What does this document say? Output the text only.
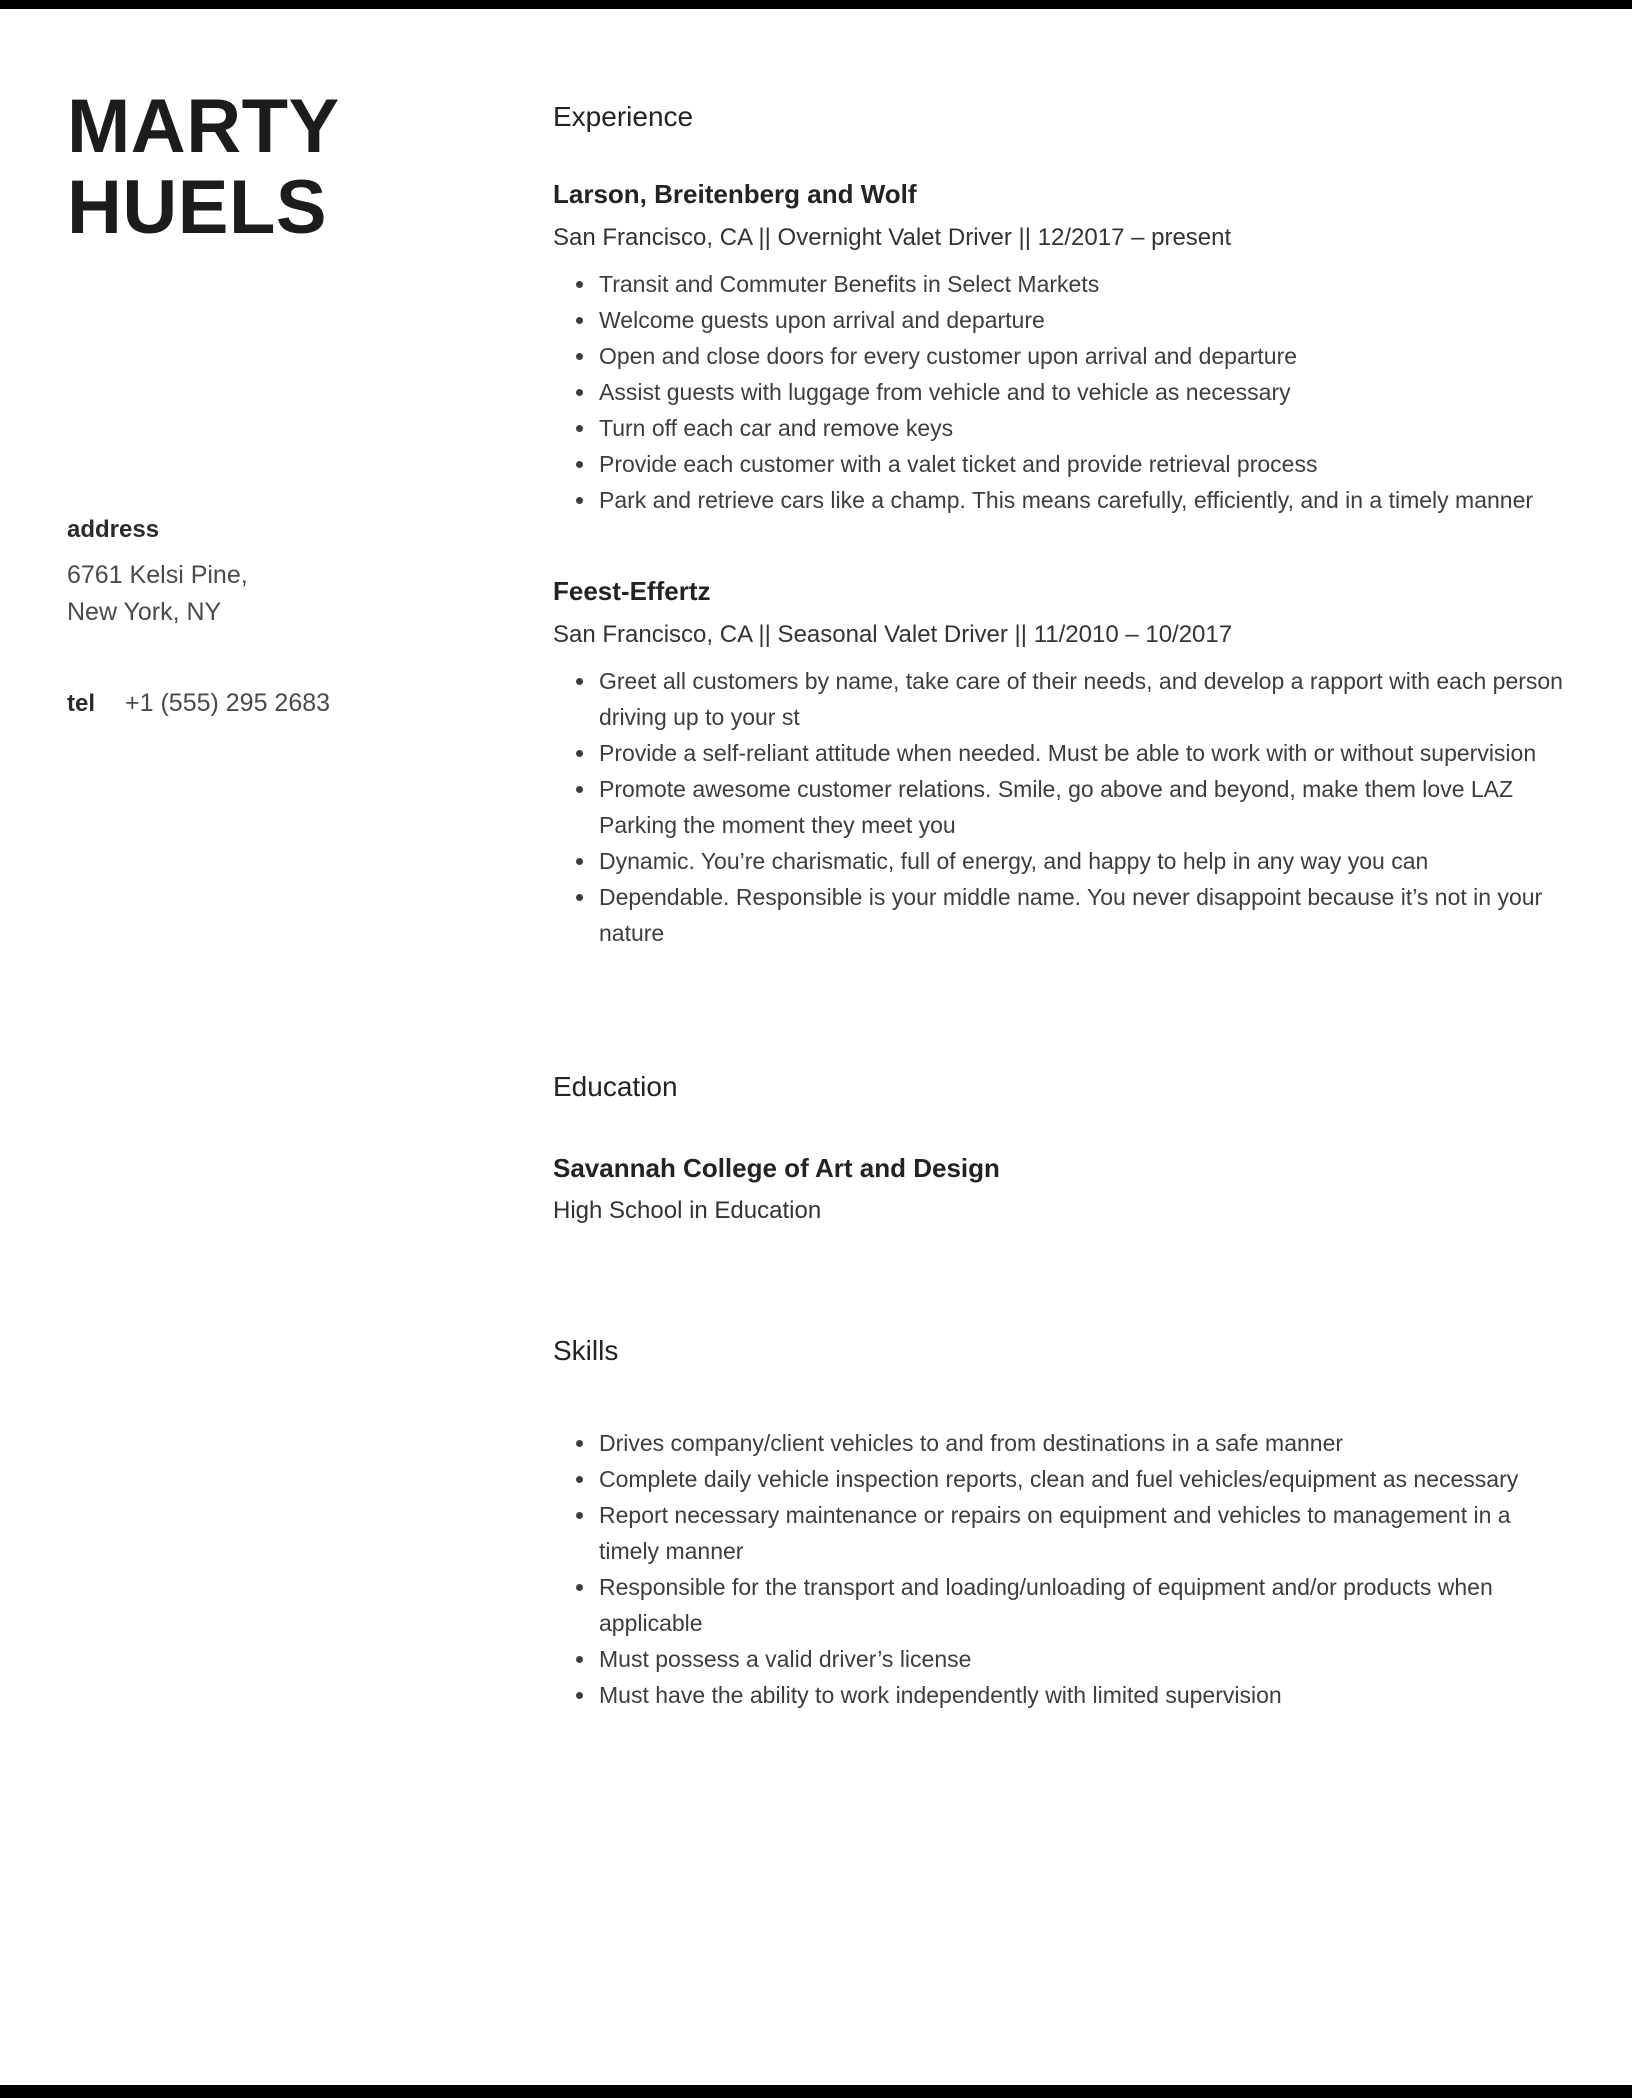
MARTY
HUELS
address
6761 Kelsi Pine,
New York, NY
tel +1 (555) 295 2683
Experience
Larson, Breitenberg and Wolf
San Francisco, CA || Overnight Valet Driver || 12/2017 – present
• Transit and Commuter Benefits in Select Markets
• Welcome guests upon arrival and departure
• Open and close doors for every customer upon arrival and departure
• Assist guests with luggage from vehicle and to vehicle as necessary
• Turn off each car and remove keys
• Provide each customer with a valet ticket and provide retrieval process
• Park and retrieve cars like a champ. This means carefully, efficiently, and in a timely manner
Feest-Effertz
San Francisco, CA || Seasonal Valet Driver || 11/2010 – 10/2017
• Greet all customers by name, take care of their needs, and develop a rapport with each person driving up to your st
• Provide a self-reliant attitude when needed. Must be able to work with or without supervision
• Promote awesome customer relations. Smile, go above and beyond, make them love LAZ Parking the moment they meet you
• Dynamic. You’re charismatic, full of energy, and happy to help in any way you can
• Dependable. Responsible is your middle name. You never disappoint because it’s not in your nature
Education
Savannah College of Art and Design
High School in Education
Skills
• Drives company/client vehicles to and from destinations in a safe manner
• Complete daily vehicle inspection reports, clean and fuel vehicles/equipment as necessary
• Report necessary maintenance or repairs on equipment and vehicles to management in a timely manner
• Responsible for the transport and loading/unloading of equipment and/or products when applicable
• Must possess a valid driver’s license
• Must have the ability to work independently with limited supervision
